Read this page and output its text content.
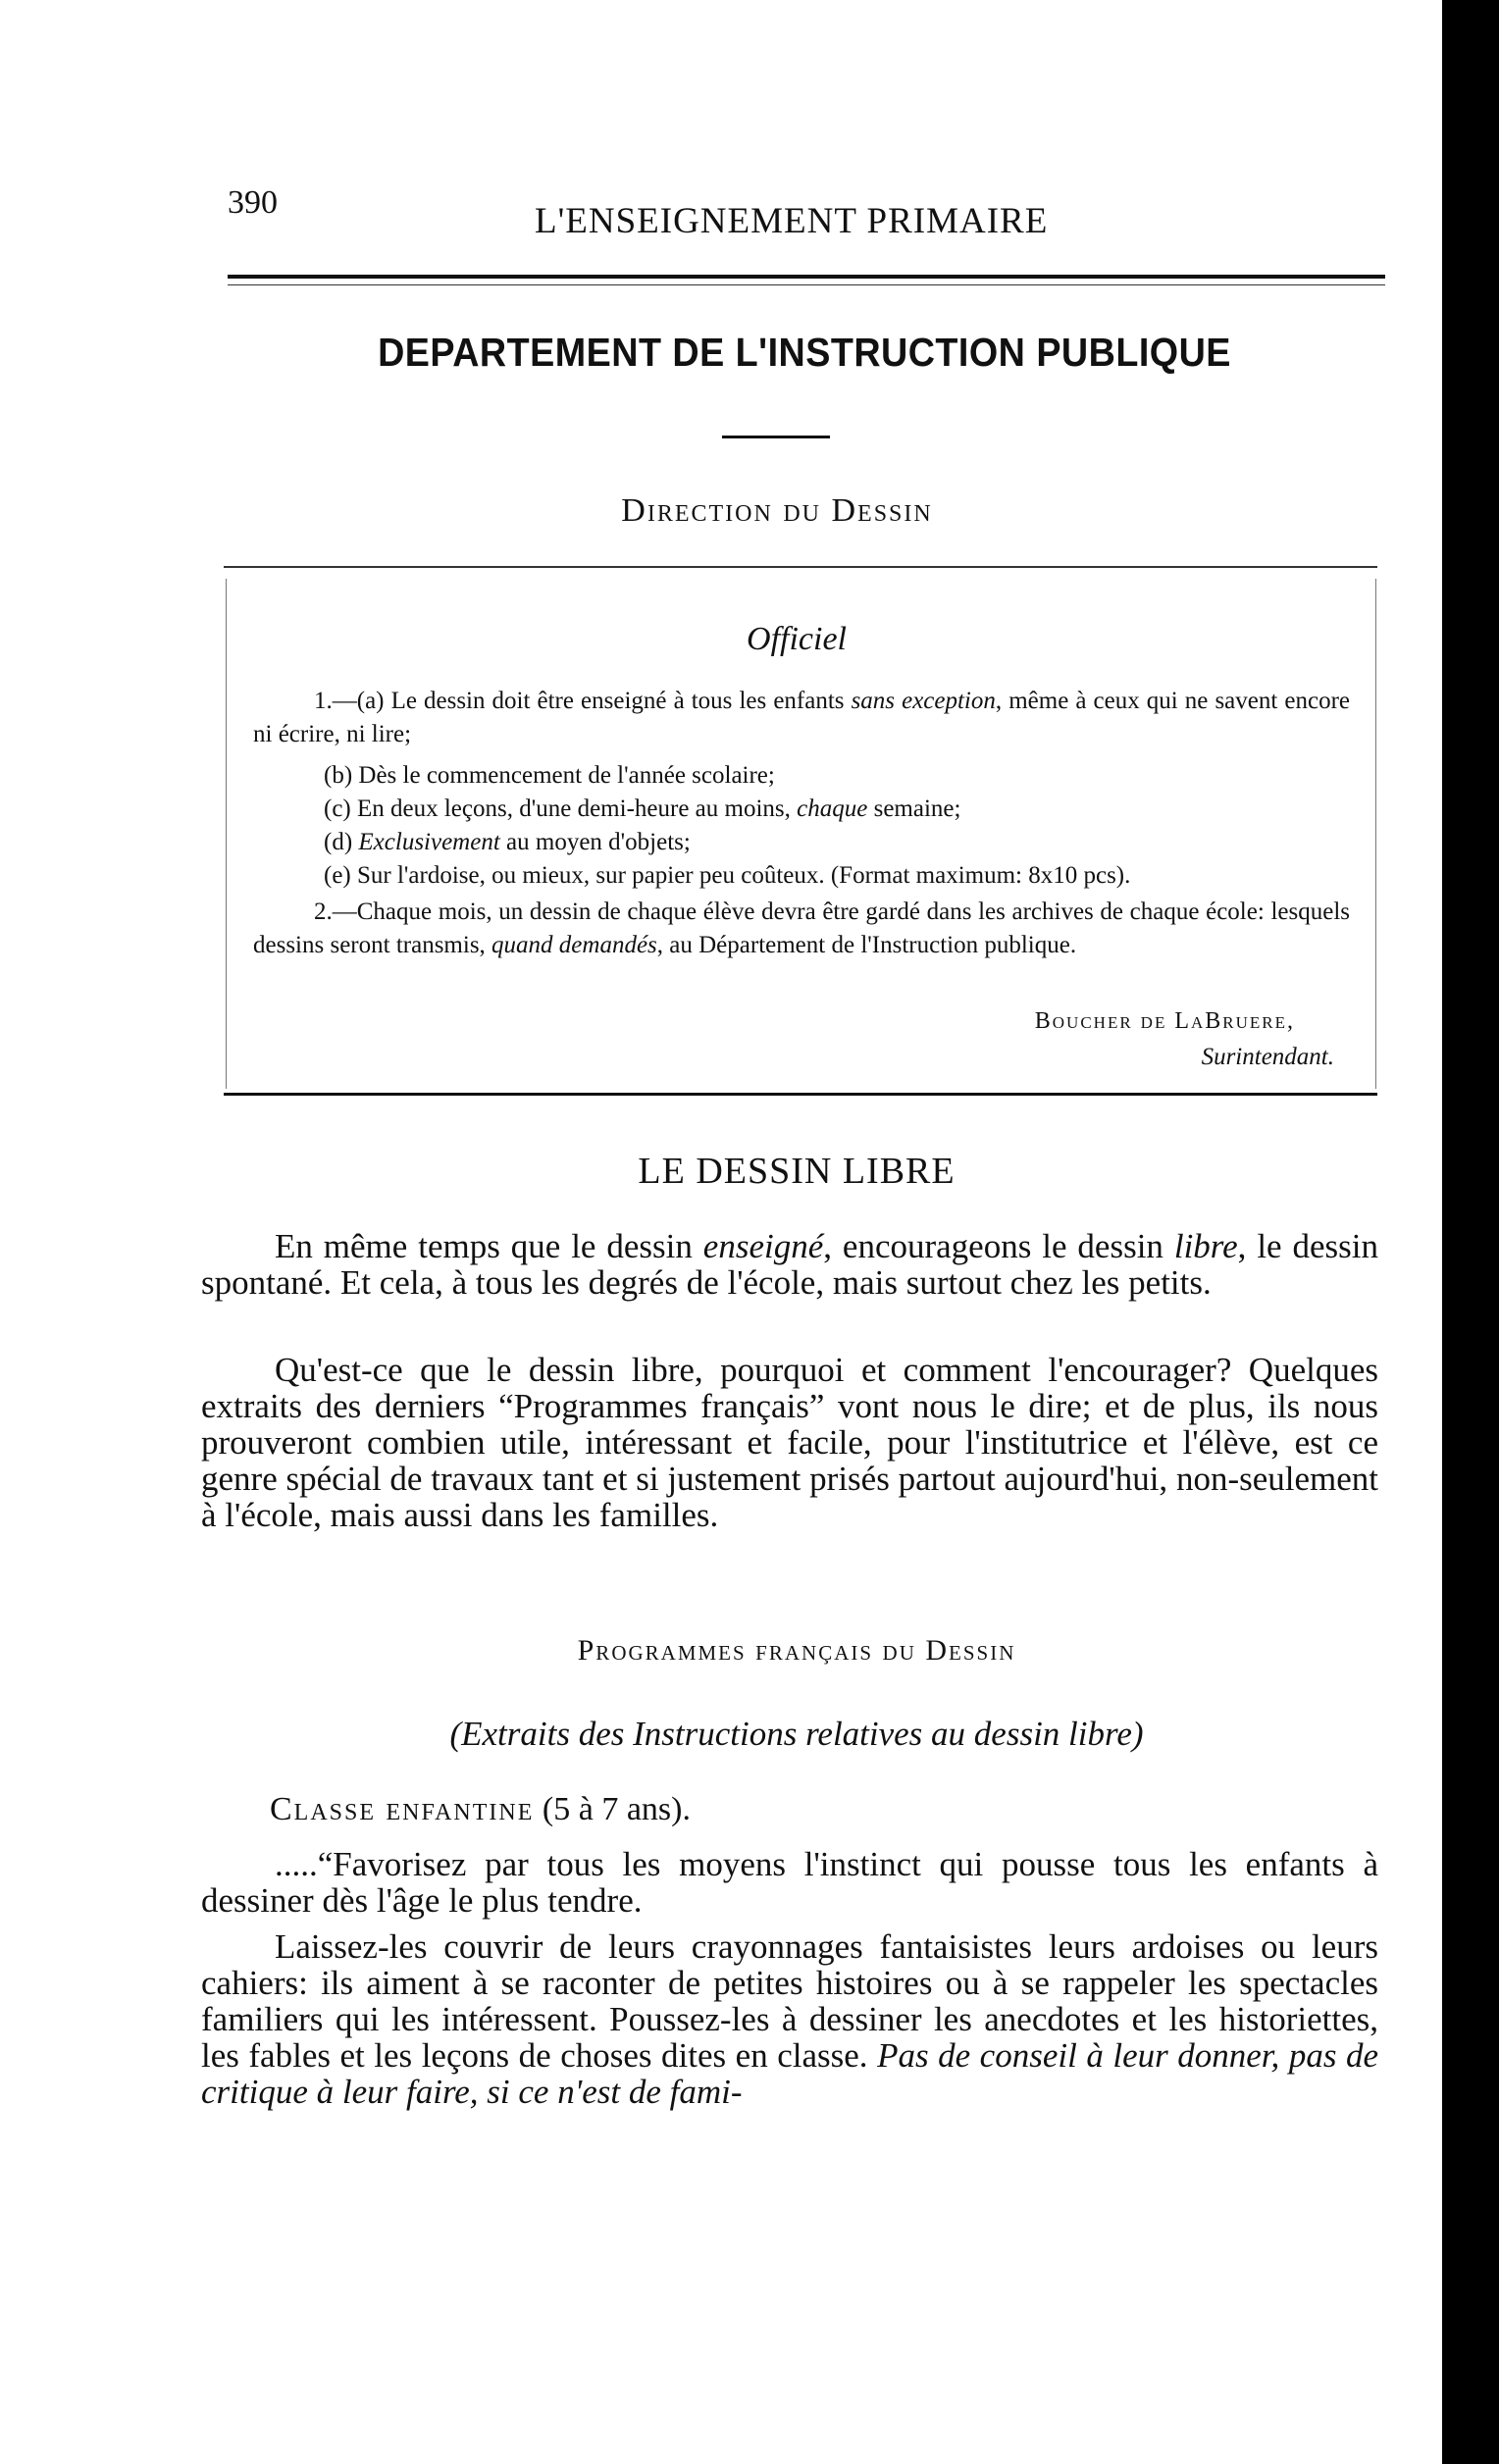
390	L'ENSEIGNEMENT PRIMAIRE
DEPARTEMENT DE L'INSTRUCTION PUBLIQUE
Direction du Dessin
Officiel
1.—(a) Le dessin doit être enseigné à tous les enfants sans exception, même à ceux qui ne savent encore ni écrire, ni lire;
(b) Dès le commencement de l'année scolaire;
(c) En deux leçons, d'une demi-heure au moins, chaque semaine;
(d) Exclusivement au moyen d'objets;
(e) Sur l'ardoise, ou mieux, sur papier peu coûteux. (Format maximum: 8x10 pcs).
2.—Chaque mois, un dessin de chaque élève devra être gardé dans les archives de chaque école: lesquels dessins seront transmis, quand demandés, au Département de l'Instruction publique.
Boucher de LaBruere,
Surintendant.
LE DESSIN LIBRE
En même temps que le dessin enseigné, encourageons le dessin libre, le dessin spontané. Et cela, à tous les degrés de l'école, mais surtout chez les petits.
Qu'est-ce que le dessin libre, pourquoi et comment l'encourager? Quelques extraits des derniers “Programmes français” vont nous le dire; et de plus, ils nous prouveront combien utile, intéressant et facile, pour l'institutrice et l'élève, est ce genre spécial de travaux tant et si justement prisés partout aujourd'hui, non-seulement à l'école, mais aussi dans les familles.
Programmes français du Dessin
(Extraits des Instructions relatives au dessin libre)
Classe enfantine (5 à 7 ans).
.....“Favorisez par tous les moyens l'instinct qui pousse tous les enfants à dessiner dès l'âge le plus tendre.
Laissez-les couvrir de leurs crayonnages fantaisistes leurs ardoises ou leurs cahiers: ils aiment à se raconter de petites histoires ou à se rappeler les spectacles familiers qui les intéressent. Poussez-les à dessiner les anecdotes et les historiettes, les fables et les leçons de choses dites en classe. Pas de conseil à leur donner, pas de critique à leur faire, si ce n'est de fami-
